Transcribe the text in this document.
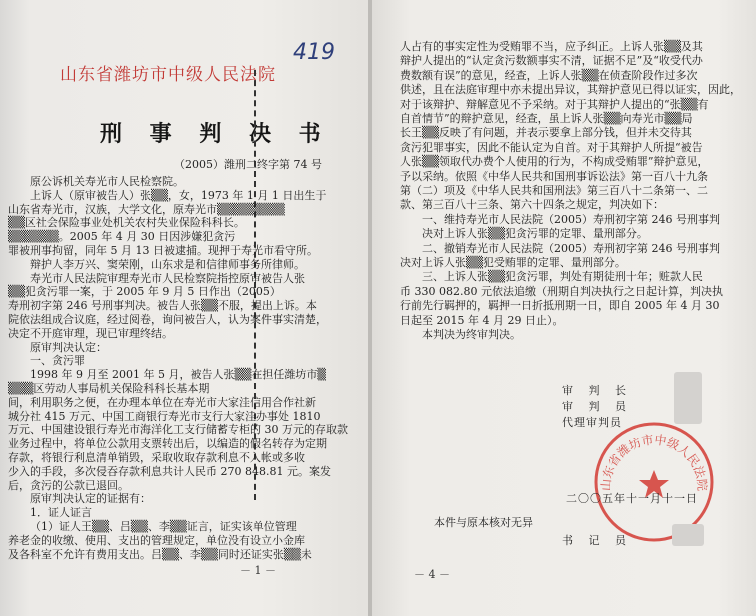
419
山东省潍坊市中级人民法院
刑 事 判 决 书
（2005）潍刑二终字第 74 号
原公诉机关寿光市人民检察院。
上诉人（原审被告人）张▒▒，女，1973 年 1 月 1 日出生于
山东省寿光市，汉族，大学文化，原寿光市▒▒▒▒▒▒▒▒
▒▒区社会保险事业处机关农村失业保险科科长。
▒▒▒▒▒▒。2005 年 4 月 30 日因涉嫌犯贪污
罪被刑事拘留，同年 5 月 13 日被逮捕。现押于寿光市看守所。
辩护人李万兴、窦荣刚，山东求是和信律师事务所律师。
寿光市人民法院审理寿光市人民检察院指控原审被告人张
▒▒犯贪污罪一案，于 2005 年 9 月 5 日作出（2005）
寿刑初字第 246 号刑事判决。被告人张▒▒不服，提出上诉。本
院依法组成合议庭，经过阅卷，询问被告人，认为案件事实清楚，
决定不开庭审理，现已审理终结。
原审判决认定：
一、贪污罪
1998 年 9 月至 2001 年 5 月，被告人张▒▒在担任潍坊市▒
▒▒▒区劳动人事局机关保险科科长基本期
间，利用职务之便，在办理本单位在寿光市大家洼信用合作社新
城分社 415 万元、中国工商银行寿光市支行大家洼办事处 1810
万元、中国建设银行寿光市海洋化工支行储蓄专柜的 30 万元的存取款
业务过程中，将单位公款用支票转出后，以编造的假名转存为定期
存款，将银行利息清单销毁，采取收取存款利息不入帐或多收
少入的手段，多次侵吞存款利息共计人民币 270 848.81 元。案发
后，贪污的公款已退回。
原审判决认定的证据有：
1．证人证言
（1）证人王▒▒、吕▒▒、李▒▒证言，证实该单位管理
养老金的收缴、使用、支出的管理规定，单位没有设立小金库
及各科室不允许有费用支出。吕▒▒、李▒▒同时还证实张▒▒未
－ 1 －
人占有的事实定性为受贿罪不当，应予纠正。上诉人张▒▒及其
辩护人提出的“认定贪污数额事实不清，证据不足”及“收受代办
费数额有误”的意见，经查，上诉人张▒▒在侦查阶段作过多次
供述，且在法庭审理中亦未提出异议，其辩护意见已得以证实，因此，
对于该辩护、辩解意见不予采纳。对于其辩护人提出的“张▒▒有
自首情节”的辩护意见，经查，虽上诉人张▒▒向寿光市▒▒局
长王▒▒反映了有问题，并表示要拿上部分钱，但并未交待其
贪污犯罪事实，因此不能认定为自首。对于其辩护人所提“被告
人张▒▒领取代办费个人使用的行为，不构成受贿罪”辩护意见，
予以采纳。依照《中华人民共和国刑事诉讼法》第一百八十九条
第（二）项及《中华人民共和国刑法》第三百八十二条第一、二
款、第三百八十三条、第六十四条之规定，判决如下：
一、维持寿光市人民法院（2005）寿刑初字第 246 号刑事判
决对上诉人张▒▒犯贪污罪的定罪、量刑部分。
二、撤销寿光市人民法院（2005）寿刑初字第 246 号刑事判
决对上诉人张▒▒犯受贿罪的定罪、量刑部分。
三、上诉人张▒▒犯贪污罪，判处有期徒刑十年；赃款人民
币 330 082.80 元依法追缴（刑期自判决执行之日起计算，判决执
行前先行羁押的，羁押一日折抵刑期一日，即自 2005 年 4 月 30
日起至 2015 年 4 月 29 日止）。
本判决为终审判决。
审 判 长
审 判 员
代理审判员
山东省潍坊市中级人民法院
二〇〇五年十一月十一日
本件与原本核对无异
书 记 员
－ 4 －
